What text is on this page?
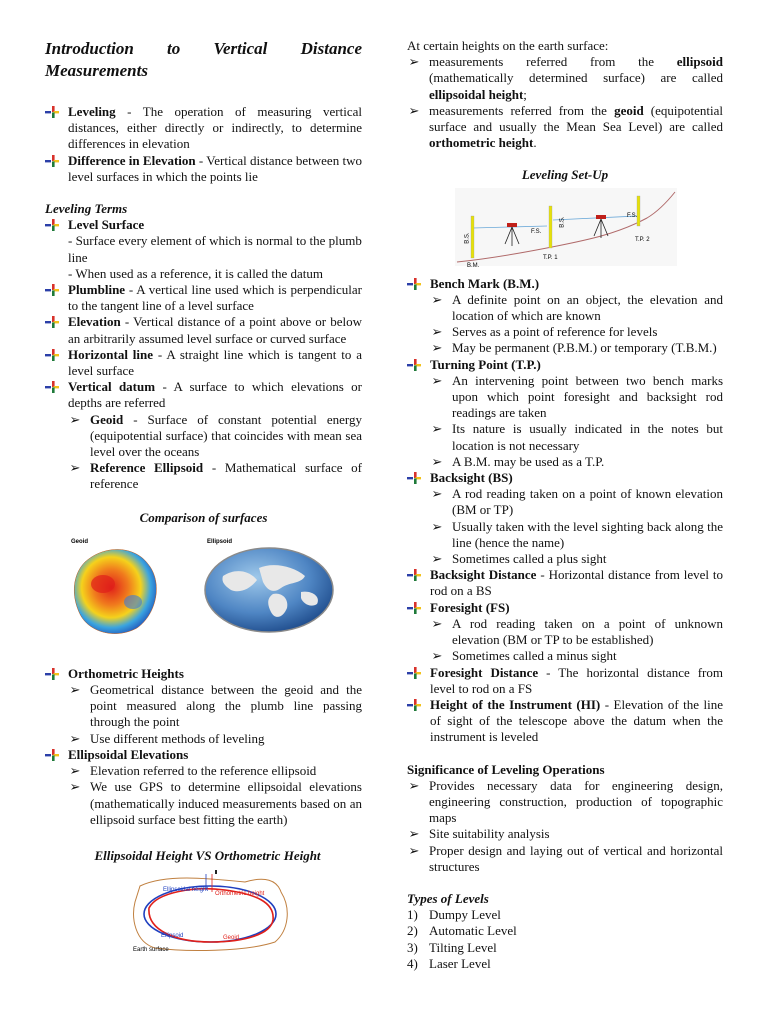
Introduction to Vertical Distance Measurements
Leveling - The operation of measuring vertical distances, either directly or indirectly, to determine differences in elevation
Difference in Elevation - Vertical distance between two level surfaces in which the points lie
Leveling Terms
Level Surface
- Surface every element of which is normal to the plumb line
- When used as a reference, it is called the datum
Plumbline - A vertical line used which is perpendicular to the tangent line of a level surface
Elevation - Vertical distance of a point above or below an arbitrarily assumed level surface or curved surface
Horizontal line - A straight line which is tangent to a level surface
Vertical datum - A surface to which elevations or depths are referred
➢ Geoid - Surface of constant potential energy (equipotential surface) that coincides with mean sea level over the oceans
➢ Reference Ellipsoid - Mathematical surface of reference
Comparison of surfaces
Geoid	Ellipsoid
Orthometric Heights
➢ Geometrical distance between the geoid and the point measured along the plumb line passing through the point
➢ Use different methods of leveling
Ellipsoidal Elevations
➢ Elevation referred to the reference ellipsoid
➢ We use GPS to determine ellipsoidal elevations (mathematically induced measurements based on an ellipsoid surface best fitting the earth)
Ellipsoidal Height VS Orthometric Height
Ellipsoidal height
Orthometric height
Ellipsoid	Geoid
Earth surface
At certain heights on the earth surface:
➢ measurements referred from the ellipsoid (mathematically determined surface) are called ellipsoidal height;
➢ measurements referred from the geoid (equipotential surface and usually the Mean Sea Level) are called orthometric height.
Leveling Set-Up
B.S.
F.S.
B.S.
F.S.
B.M.
T.P. 1
T.P. 2
Bench Mark (B.M.)
➢ A definite point on an object, the elevation and location of which are known
➢ Serves as a point of reference for levels
➢ May be permanent (P.B.M.) or temporary (T.B.M.)
Turning Point (T.P.)
➢ An intervening point between two bench marks upon which point foresight and backsight rod readings are taken
➢ Its nature is usually indicated in the notes but location is not necessary
➢ A B.M. may be used as a T.P.
Backsight (BS)
➢ A rod reading taken on a point of known elevation (BM or TP)
➢ Usually taken with the level sighting back along the line (hence the name)
➢ Sometimes called a plus sight
Backsight Distance - Horizontal distance from level to rod on a BS
Foresight (FS)
➢ A rod reading taken on a point of unknown elevation (BM or TP to be established)
➢ Sometimes called a minus sight
Foresight Distance - The horizontal distance from level to rod on a FS
Height of the Instrument (HI) - Elevation of the line of sight of the telescope above the datum when the instrument is leveled
Significance of Leveling Operations
➢ Provides necessary data for engineering design, engineering construction, production of topographic maps
➢ Site suitability analysis
➢ Proper design and laying out of vertical and horizontal structures
Types of Levels
1) Dumpy Level
2) Automatic Level
3) Tilting Level
4) Laser Level
